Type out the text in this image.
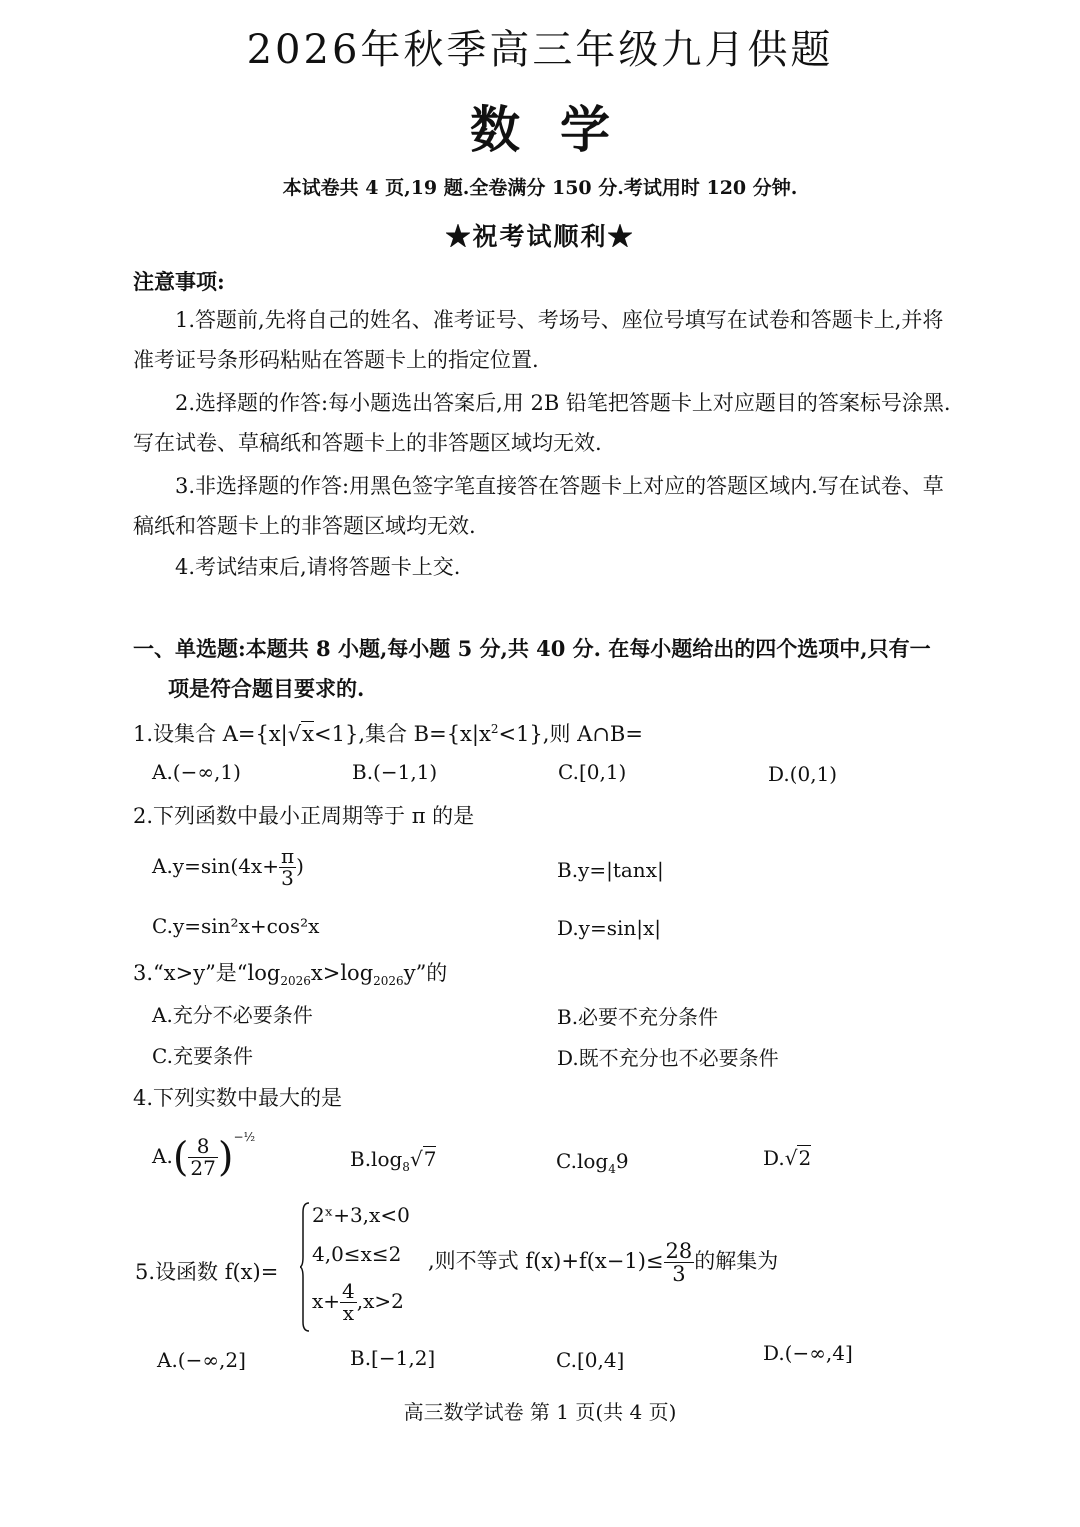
2026年秋季高三年级九月供题
数学
本试卷共 4 页,19 题.全卷满分 150 分.考试用时 120 分钟.
★祝考试顺利★
注意事项:
1.答题前,先将自己的姓名、准考证号、考场号、座位号填写在试卷和答题卡上,并将准考证号条形码粘贴在答题卡上的指定位置.
2.选择题的作答:每小题选出答案后,用 2B 铅笔把答题卡上对应题目的答案标号涂黑.写在试卷、草稿纸和答题卡上的非答题区域均无效.
3.非选择题的作答:用黑色签字笔直接答在答题卡上对应的答题区域内.写在试卷、草稿纸和答题卡上的非答题区域均无效.
4.考试结束后,请将答题卡上交.
一、单选题:本题共 8 小题,每小题 5 分,共 40 分. 在每小题给出的四个选项中,只有一
项是符合题目要求的.
1.设集合 A={x|√x<1},集合 $B=\{x|x^2<1\}$,则 A∩B=
A.(−∞,1)	B.(−1,1)	C.[0,1)	D.(0,1)
2.下列函数中最小正周期等于 π 的是
$A.y=\sin(4x+ \frac{\pi}{3}$ )	B.y=|tanx|
C.y=sin²x+cos²x	D.y=sin|x|
3.“x>y”是“$\log_{2026}x>\log_{2026}y$”的
A.充分不必要条件	B.必要不充分条件
C.充要条件	D.既不充分也不必要条件
4.下列实数中最大的是
$A.( \frac{8}{27} )^{-\frac{1}{2}}$
$B.\log_8√7$	$C.\log_49$	D.√2
5.设函数 f(x)=
2ˣ+3,x<0
4,0≤x≤2
$x+ \frac{4}{x} ,x>2$
,则不等式 $f(x)+f(x-1)\le \frac{28}{3}$ 的解集为
A.(−∞,2]	B.[−1,2]	C.[0,4]	D.(−∞,4]
高三数学试卷 第 1 页(共 4 页)
